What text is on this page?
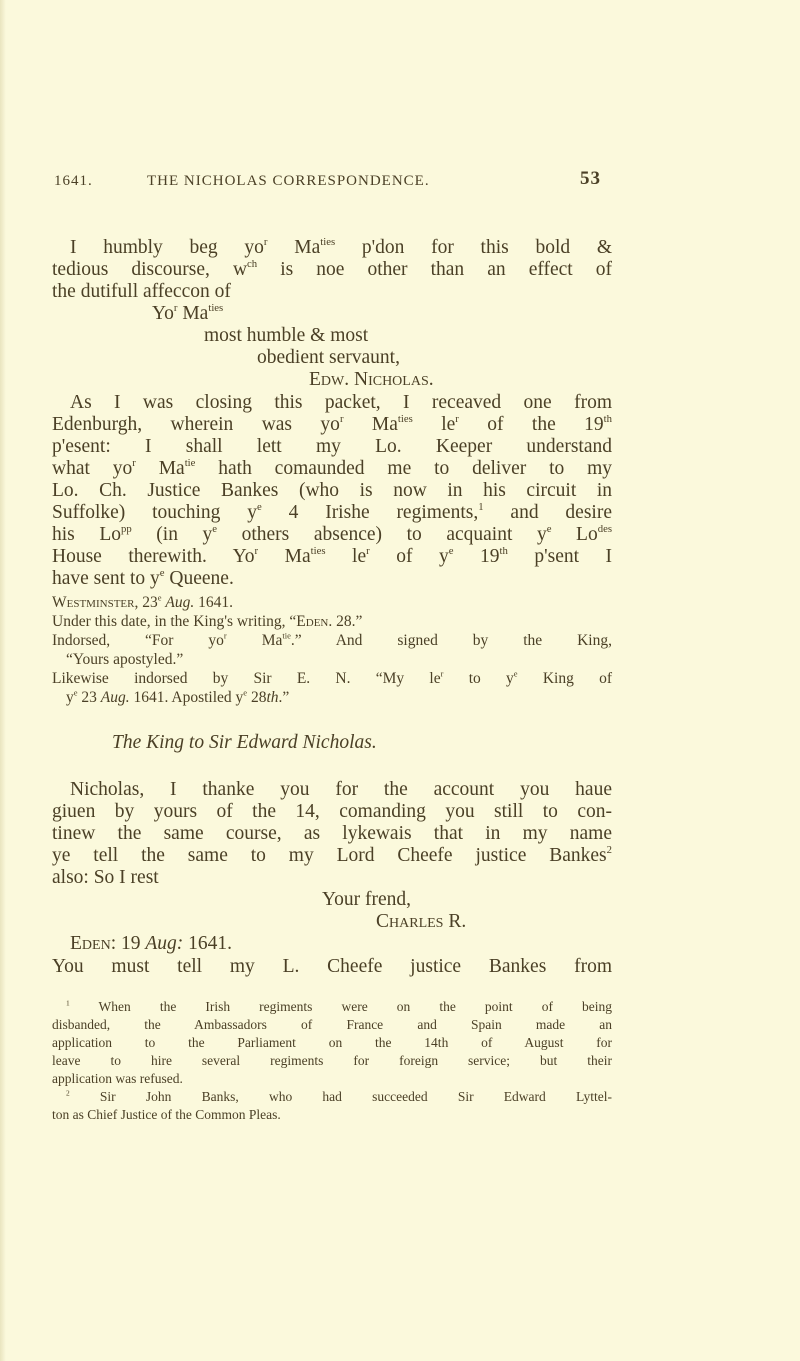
1641.	THE NICHOLAS CORRESPONDENCE.	53
I humbly beg $yo^r$ $Ma^{ties}$ p'don for this bold &
tedious discourse, $w^{ch}$ is noe other than an effect of
the dutifull affeccon of
Yo$^r$ $Ma^{ties}$
most humble & most
obedient servaunt,
Edw. Nicholas.
As I was closing this packet, I receaved one from
Edenburgh, wherein was $yo^r$ $Ma^{ties}$ $le^r$ of the 19th
p'esent: I shall lett my Lo. Keeper understand
what $yo^r$ $Ma^{tie}$ hath comaunded me to deliver to my
Lo. Ch. Justice Bankes (who is now in his circuit in
Suffolke) touching $y^e$ 4 Irishe regiments,$^1$ and desire
his $Lo^{pp}$ (in $y^e$ others absence) to acquaint $y^e$ $Lo^{des}$
House therewith. Yo$^r$ $Ma^{ties}$ $le^r$ of $y^e$ 19th p'sent I
have sent to $y^e$ Queene.
Westminster, 23e Aug. 1641.
Under this date, in the King's writing, “Eden. 28.”
Indorsed, “For $yo^r$ $Ma^{tie}$.” And signed by the King,
“Yours apostyled.”
Likewise indorsed by Sir E. N. “My $le^r$ to $y^e$ King of
$y^e$ 23 Aug. 1641. Apostiled $y^e$ 28th.”
The King to Sir Edward Nicholas.
Nicholas, I thanke you for the account you haue
giuen by yours of the 14, comanding you still to con-
tinew the same course, as lykewais that in my name
ye tell the same to my Lord Cheefe justice Bankes$^2$
also: So I rest
Your frend,
Charles R.
Eden: 19 Aug: 1641.
You must tell my L. Cheefe justice Bankes from
$^1$ When the Irish regiments were on the point of being
disbanded, the Ambassadors of France and Spain made an
application to the Parliament on the 14th of August for
leave to hire several regiments for foreign service; but their
application was refused.
$^2$ Sir John Banks, who had succeeded Sir Edward Lyttel-
ton as Chief Justice of the Common Pleas.
